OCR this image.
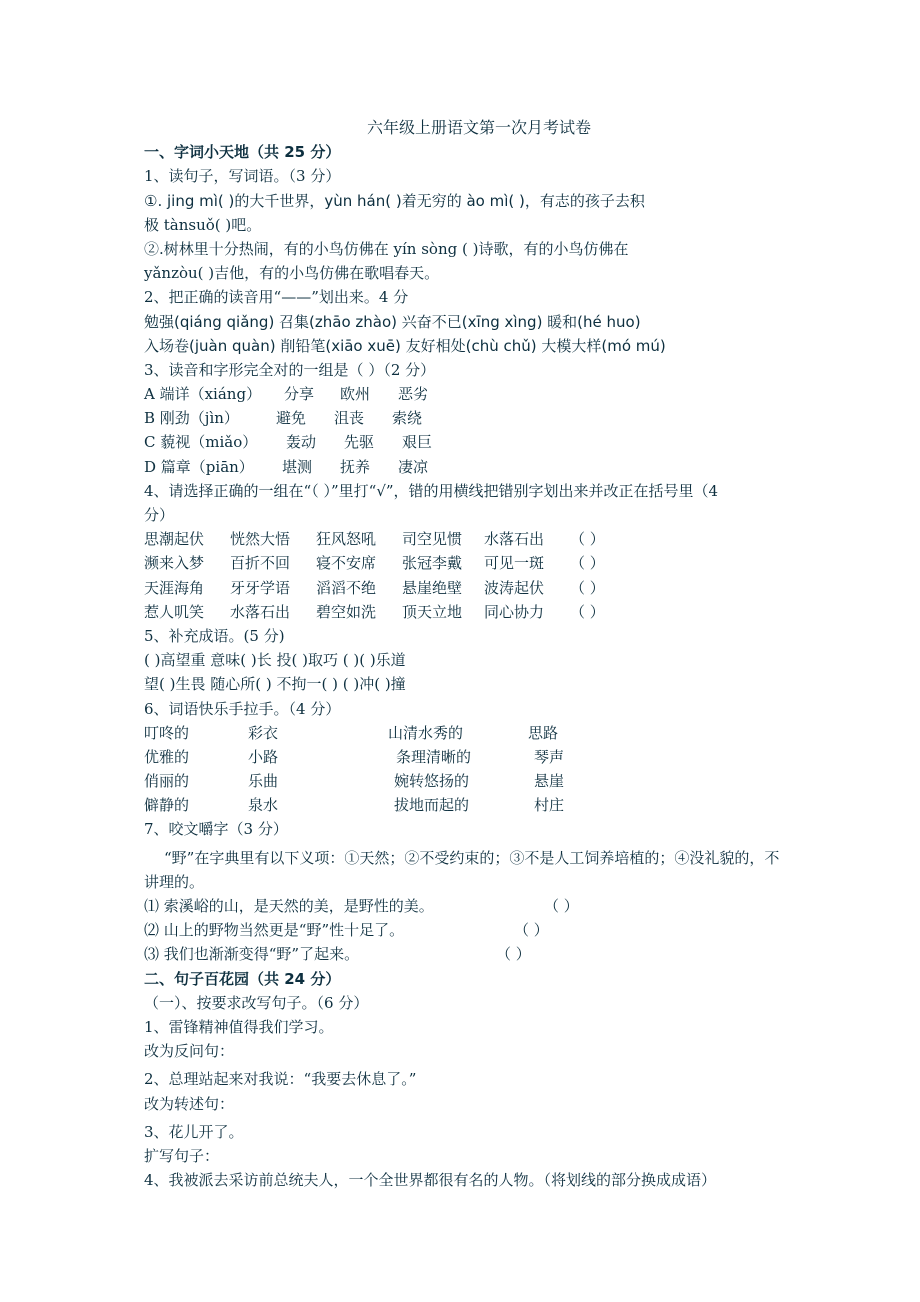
六年级上册语文第一次月考试卷
一、字词小天地（共 25 分）
1、读句子，写词语。（3 分）
①. jing mì( )的大千世界，yùn hán( )着无穷的 ào mì( )，有志的孩子去积
极 tànsuǒ( )吧。
②.树林里十分热闹，有的小鸟仿佛在 yín sòng ( )诗歌，有的小鸟仿佛在
yǎnzòu( )吉他，有的小鸟仿佛在歌唱春天。
2、把正确的读音用“——”划出来。4 分
勉强(qiáng qiǎng) 召集(zhāo zhào) 兴奋不已(xīng xìng) 暖和(hé huo)
入场卷(juàn quàn) 削铅笔(xiāo xuē) 友好相处(chù chǔ) 大模大样(mó mú)
3、读音和字形完全对的一组是（ ）（2 分）
A 端详（xiáng）	分享	欧州	恶劣
B 刚劲（jìn）	避免	沮丧	索绕
C 藐视（miǎo）	轰动	先驱	艰巨
D 篇章（piān）	堪测	抚养	凄凉
4、请选择正确的一组在“（ ）”里打“√”，错的用横线把错别字划出来并改正在括号里（4
分）
思潮起伏	恍然大悟	狂风怒吼	司空见惯	水落石出	（ ）
濒来入梦	百折不回	寝不安席	张冠李戴	可见一斑	（ ）
天涯海角	牙牙学语	滔滔不绝	悬崖绝壁	波涛起伏	（ ）
惹人叽笑	水落石出	碧空如洗	顶天立地	同心协力	（ ）
5、补充成语。(5 分)
( )高望重 意味( )长 投( )取巧 ( )( )乐道
望( )生畏 随心所( ) 不拘一( ) ( )冲( )撞
6、词语快乐手拉手。（4 分）
叮咚的	彩衣	山清水秀的	思路
优雅的	小路	条理清晰的	琴声
俏丽的	乐曲	婉转悠扬的	悬崖
僻静的	泉水	拔地而起的	村庄
7、咬文嚼字（3 分）
“野”在字典里有以下义项：①天然；②不受约束的；③不是人工饲养培植的；④没礼貌的，不讲理的。
⑴ 索溪峪的山，是天然的美，是野性的美。	（ ）
⑵ 山上的野物当然更是“野”性十足了。	（ ）
⑶ 我们也渐渐变得“野”了起来。	（ ）
二、句子百花园（共 24 分）
（一）、按要求改写句子。（6 分）
1、雷锋精神值得我们学习。
改为反问句：
2、总理站起来对我说：“我要去休息了。”
改为转述句：
3、花儿开了。
扩写句子：
4、我被派去采访前总统夫人，一个全世界都很有名的人物。（将划线的部分换成成语）
